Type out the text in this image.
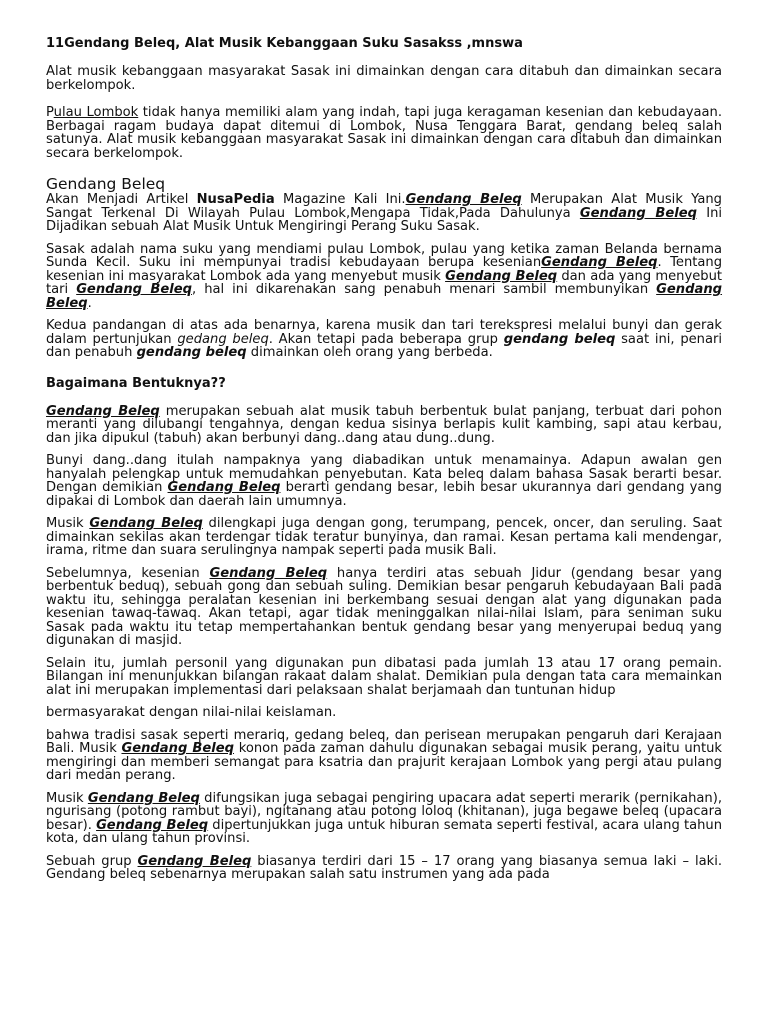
11Gendang Beleq, Alat Musik Kebanggaan Suku Sasakss ,mnswa

Alat musik kebanggaan masyarakat Sasak ini dimainkan dengan cara ditabuh dan dimainkan secara berkelompok.

Pulau Lombok tidak hanya memiliki alam yang indah, tapi juga keragaman kesenian dan kebudayaan. Berbagai ragam budaya dapat ditemui di Lombok, Nusa Tenggara Barat, gendang beleq salah satunya. Alat musik kebanggaan masyarakat Sasak ini dimainkan dengan cara ditabuh dan dimainkan secara berkelompok.

Gendang Beleq

Akan Menjadi Artikel NusaPedia Magazine Kali Ini.Gendang Beleq Merupakan Alat Musik Yang Sangat Terkenal Di Wilayah Pulau Lombok,Mengapa Tidak,Pada Dahulunya Gendang Beleq Ini Dijadikan sebuah Alat Musik Untuk Mengiringi Perang Suku Sasak.

Sasak adalah nama suku yang mendiami pulau Lombok, pulau yang ketika zaman Belanda bernama Sunda Kecil. Suku ini mempunyai tradisi kebudayaan berupa kesenianGendang Beleq. Tentang kesenian ini masyarakat Lombok ada yang menyebut musik Gendang Beleq dan ada yang menyebut tari Gendang Beleq, hal ini dikarenakan sang penabuh menari sambil membunyikan Gendang Beleq.

Kedua pandangan di atas ada benarnya, karena musik dan tari terekspresi melalui bunyi dan gerak dalam pertunjukan gedang beleq. Akan tetapi pada beberapa grup gendang beleq saat ini, penari dan penabuh gendang beleq dimainkan oleh orang yang berbeda.

Bagaimana Bentuknya??

Gendang Beleq merupakan sebuah alat musik tabuh berbentuk bulat panjang, terbuat dari pohon meranti yang dilubangi tengahnya, dengan kedua sisinya berlapis kulit kambing, sapi atau kerbau, dan jika dipukul (tabuh) akan berbunyi dang..dang atau dung..dung.

Bunyi dang..dang itulah nampaknya yang diabadikan untuk menamainya. Adapun awalan gen hanyalah pelengkap untuk memudahkan penyebutan. Kata beleq dalam bahasa Sasak berarti besar. Dengan demikian Gendang Beleq berarti gendang besar, lebih besar ukurannya dari gendang yang dipakai di Lombok dan daerah lain umumnya.

Musik Gendang Beleq dilengkapi juga dengan gong, terumpang, pencek, oncer, dan seruling. Saat dimainkan sekilas akan terdengar tidak teratur bunyinya, dan ramai. Kesan pertama kali mendengar, irama, ritme dan suara serulingnya nampak seperti pada musik Bali.

Sebelumnya, kesenian Gendang Beleq hanya terdiri atas sebuah Jidur (gendang besar yang berbentuk beduq), sebuah gong dan sebuah suling. Demikian besar pengaruh kebudayaan Bali pada waktu itu, sehingga peralatan kesenian ini berkembang sesuai dengan alat yang digunakan pada kesenian tawaq-tawaq. Akan tetapi, agar tidak meninggalkan nilai-nilai Islam, para seniman suku Sasak pada waktu itu tetap mempertahankan bentuk gendang besar yang menyerupai beduq yang digunakan di masjid.

Selain itu, jumlah personil yang digunakan pun dibatasi pada jumlah 13 atau 17 orang pemain. Bilangan ini menunjukkan bilangan rakaat dalam shalat. Demikian pula dengan tata cara memainkan alat ini merupakan implementasi dari pelaksaan shalat berjamaah dan tuntunan hidup

bermasyarakat dengan nilai-nilai keislaman.

bahwa tradisi sasak seperti merariq, gedang beleq, dan perisean merupakan pengaruh dari Kerajaan Bali. Musik Gendang Beleq konon pada zaman dahulu digunakan sebagai musik perang, yaitu untuk mengiringi dan memberi semangat para ksatria dan prajurit kerajaan Lombok yang pergi atau pulang dari medan perang.

Musik Gendang Beleq difungsikan juga sebagai pengiring upacara adat seperti merarik (pernikahan), ngurisang (potong rambut bayi), ngitanang atau potong loloq (khitanan), juga begawe beleq (upacara besar). Gendang Beleq dipertunjukkan juga untuk hiburan semata seperti festival, acara ulang tahun kota, dan ulang tahun provinsi.

Sebuah grup Gendang Beleq biasanya terdiri dari 15 – 17 orang yang biasanya semua laki – laki. Gendang beleq sebenarnya merupakan salah satu instrumen yang ada pada
